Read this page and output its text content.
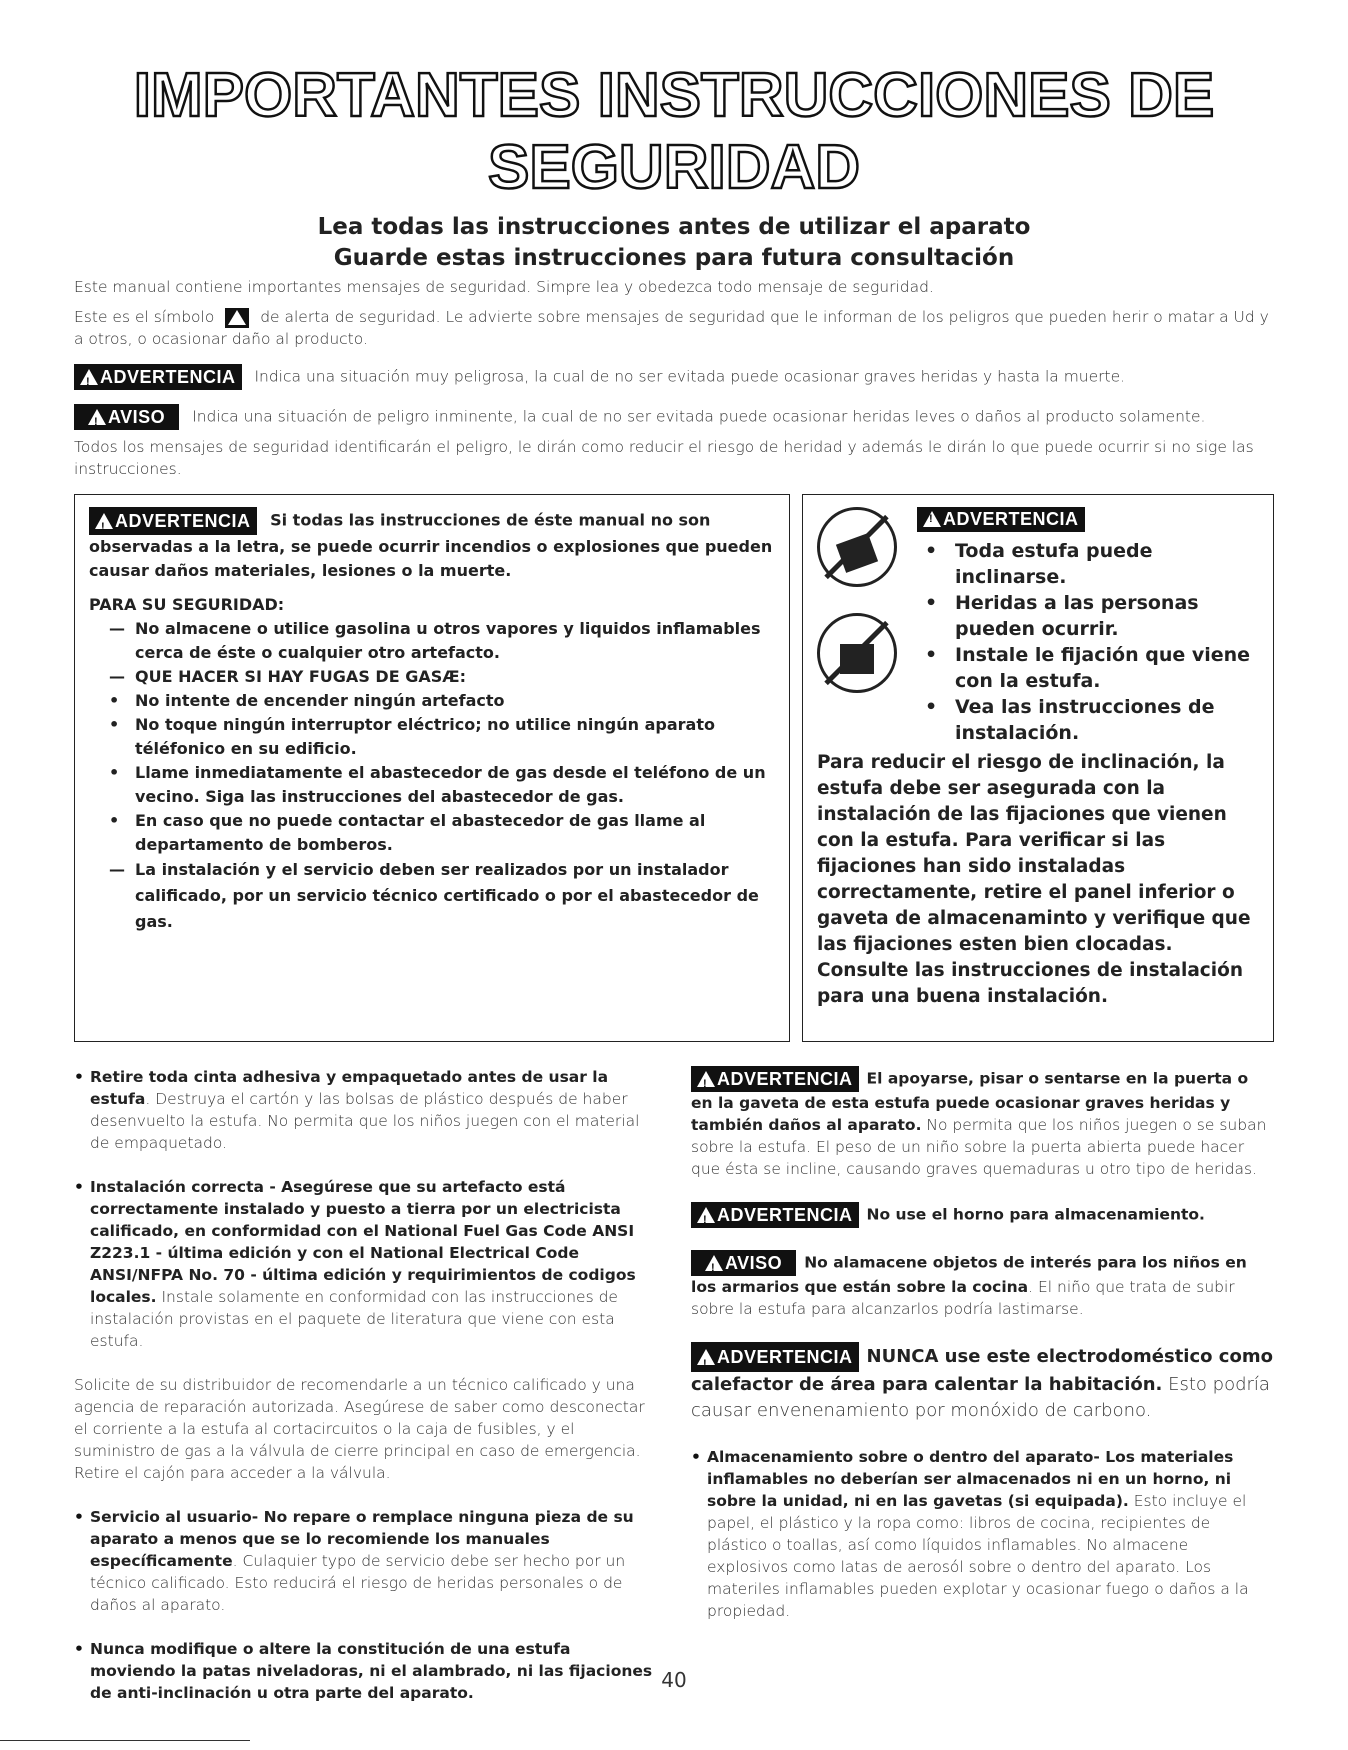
IMPORTANTES INSTRUCCIONES DE SEGURIDAD
Lea todas las instrucciones antes de utilizar el aparato
Guarde estas instrucciones para futura consultación

Este manual contiene importantes mensajes de seguridad. Simpre lea y obedezca todo mensaje de seguridad.

Este es el símbolo	de alerta de seguridad. Le advierte sobre mensajes de seguridad que le informan de los peligros que pueden herir o matar a Ud y a otros, o ocasionar daño al producto.

!ADVERTENCIA Indica una situación muy peligrosa, la cual de no ser evitada puede ocasionar graves heridas y hasta la muerte.

!AVISO Indica una situación de peligro inminente, la cual de no ser evitada puede ocasionar heridas leves o daños al producto solamente.

Todos los mensajes de seguridad identificarán el peligro, le dirán como reducir el riesgo de heridad y además le dirán lo que puede ocurrir si no sige las instrucciones.

!ADVERTENCIA Si todas las instrucciones de éste manual no son observadas a la letra, se puede ocurrir incendios o explosiones que pueden causar daños materiales, lesiones o la muerte.
PARA SU SEGURIDAD:
— No almacene o utilice gasolina u otros vapores y liquidos inflamables cerca de éste o cualquier otro artefacto.
— QUE HACER SI HAY FUGAS DE GASÆ:
• No intente de encender ningún artefacto
• No toque ningún interruptor eléctrico; no utilice ningún aparato téléfonico en su edificio.
• Llame inmediatamente el abastecedor de gas desde el teléfono de un vecino. Siga las instrucciones del abastecedor de gas.
• En caso que no puede contactar el abastecedor de gas llame al departamento de bomberos.
— La instalación y el servicio deben ser realizados por un instalador calificado, por un servicio técnico certificado o por el abastecedor de gas.
!ADVERTENCIA
• Toda estufa puede inclinarse.
• Heridas a las personas pueden ocurrir.
• Instale le fijación que viene con la estufa.
• Vea las instrucciones de instalación.
Para reducir el riesgo de inclinación, la estufa debe ser asegurada con la instalación de las fijaciones que vienen con la estufa. Para verificar si las fijaciones han sido instaladas correctamente, retire el panel inferior o gaveta de almacenaminto y verifique que las fijaciones esten bien clocadas. Consulte las instrucciones de instalación para una buena instalación.
• Retire toda cinta adhesiva y empaquetado antes de usar la estufa. Destruya el cartón y las bolsas de plástico después de haber desenvuelto la estufa. No permita que los niños juegen con el material de empaquetado.
• Instalación correcta - Asegúrese que su artefacto está correctamente instalado y puesto a tierra por un electricista calificado, en conformidad con el National Fuel Gas Code ANSI Z223.1 - última edición y con el National Electrical Code ANSI/NFPA No. 70 - última edición y requirimientos de codigos locales. Instale solamente en conformidad con las instrucciones de instalación provistas en el paquete de literatura que viene con esta estufa.
Solicite de su distribuidor de recomendarle a un técnico calificado y una agencia de reparación autorizada. Asegúrese de saber como desconectar el corriente a la estufa al cortacircuitos o la caja de fusibles, y el suministro de gas a la válvula de cierre principal en caso de emergencia. Retire el cajón para acceder a la válvula.
• Servicio al usuario- No repare o remplace ninguna pieza de su aparato a menos que se lo recomiende los manuales específicamente. Culaquier typo de servicio debe ser hecho por un técnico calificado. Esto reducirá el riesgo de heridas personales o de daños al aparato.
• Nunca modifique o altere la constitución de una estufa moviendo la patas niveladoras, ni el alambrado, ni las fijaciones de anti-inclinación u otra parte del aparato.
!ADVERTENCIA El apoyarse, pisar o sentarse en la puerta o en la gaveta de esta estufa puede ocasionar graves heridas y también daños al aparato. No permita que los niños juegen o se suban sobre la estufa. El peso de un niño sobre la puerta abierta puede hacer que ésta se incline, causando graves quemaduras u otro tipo de heridas.
!ADVERTENCIA No use el horno para almacenamiento.
!AVISO No alamacene objetos de interés para los niños en los armarios que están sobre la cocina. El niño que trata de subir sobre la estufa para alcanzarlos podría lastimarse.
!ADVERTENCIA NUNCA use este electrodoméstico como calefactor de área para calentar la habitación. Esto podría causar envenenamiento por monóxido de carbono.
• Almacenamiento sobre o dentro del aparato- Los materiales inflamables no deberían ser almacenados ni en un horno, ni sobre la unidad, ni en las gavetas (si equipada). Esto incluye el papel, el plástico y la ropa como: libros de cocina, recipientes de plástico o toallas, así como líquidos inflamables. No almacene explosivos como latas de aerosól sobre o dentro del aparato. Los materiles inflamables pueden explotar y ocasionar fuego o daños a la propiedad.
40
